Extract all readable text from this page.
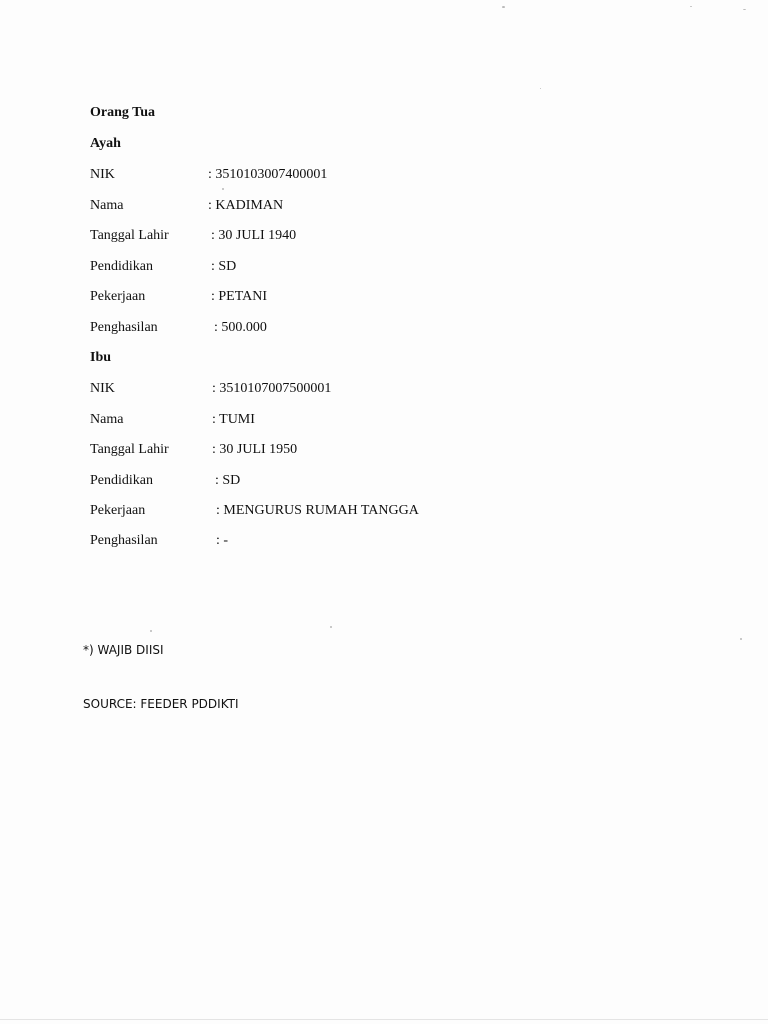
Orang Tua
Ayah
NIK	: 3510103007400001
Nama	: KADIMAN
Tanggal Lahir	: 30 JULI 1940
Pendidikan	: SD
Pekerjaan	: PETANI
Penghasilan	: 500.000
Ibu
NIK	: 3510107007500001
Nama	: TUMI
Tanggal Lahir	: 30 JULI 1950
Pendidikan	: SD
Pekerjaan	: MENGURUS RUMAH TANGGA
Penghasilan	: -
*) WAJIB DIISI
SOURCE: FEEDER PDDIKTI
